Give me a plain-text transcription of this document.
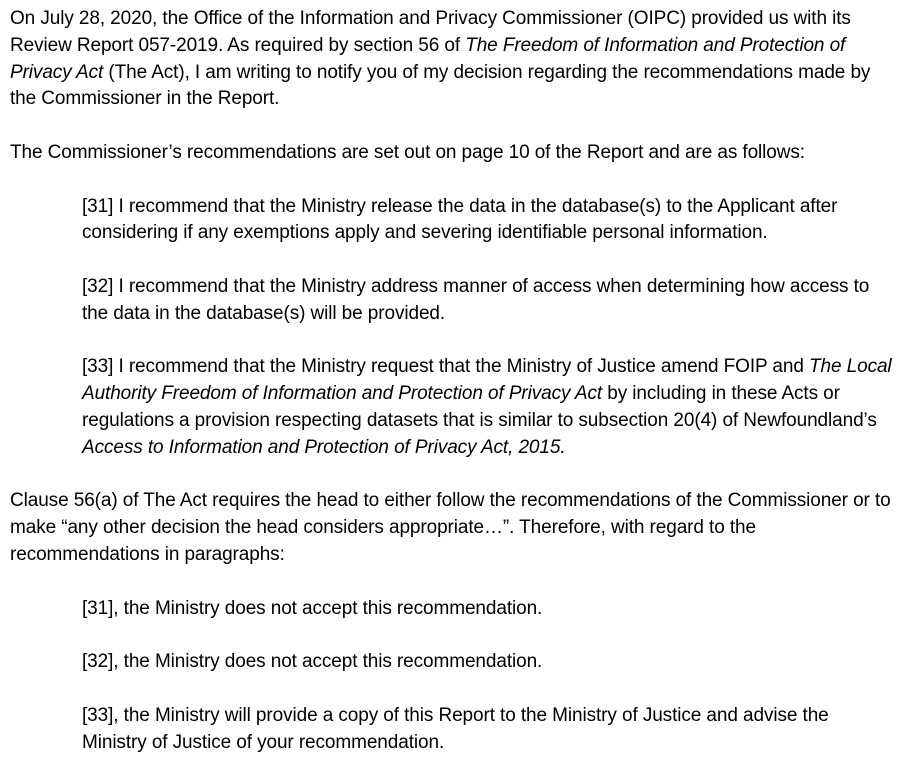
On July 28, 2020, the Office of the Information and Privacy Commissioner (OIPC) provided us with its Review Report 057-2019. As required by section 56 of The Freedom of Information and Protection of Privacy Act (The Act), I am writing to notify you of my decision regarding the recommendations made by the Commissioner in the Report.

The Commissioner’s recommendations are set out on page 10 of the Report and are as follows:

[31] I recommend that the Ministry release the data in the database(s) to the Applicant after considering if any exemptions apply and severing identifiable personal information.

[32] I recommend that the Ministry address manner of access when determining how access to the data in the database(s) will be provided.

[33] I recommend that the Ministry request that the Ministry of Justice amend FOIP and The Local Authority Freedom of Information and Protection of Privacy Act by including in these Acts or regulations a provision respecting datasets that is similar to subsection 20(4) of Newfoundland’s Access to Information and Protection of Privacy Act, 2015.

Clause 56(a) of The Act requires the head to either follow the recommendations of the Commissioner or to make “any other decision the head considers appropriate…”. Therefore, with regard to the recommendations in paragraphs:

[31], the Ministry does not accept this recommendation.

[32], the Ministry does not accept this recommendation.

[33], the Ministry will provide a copy of this Report to the Ministry of Justice and advise the Ministry of Justice of your recommendation.
